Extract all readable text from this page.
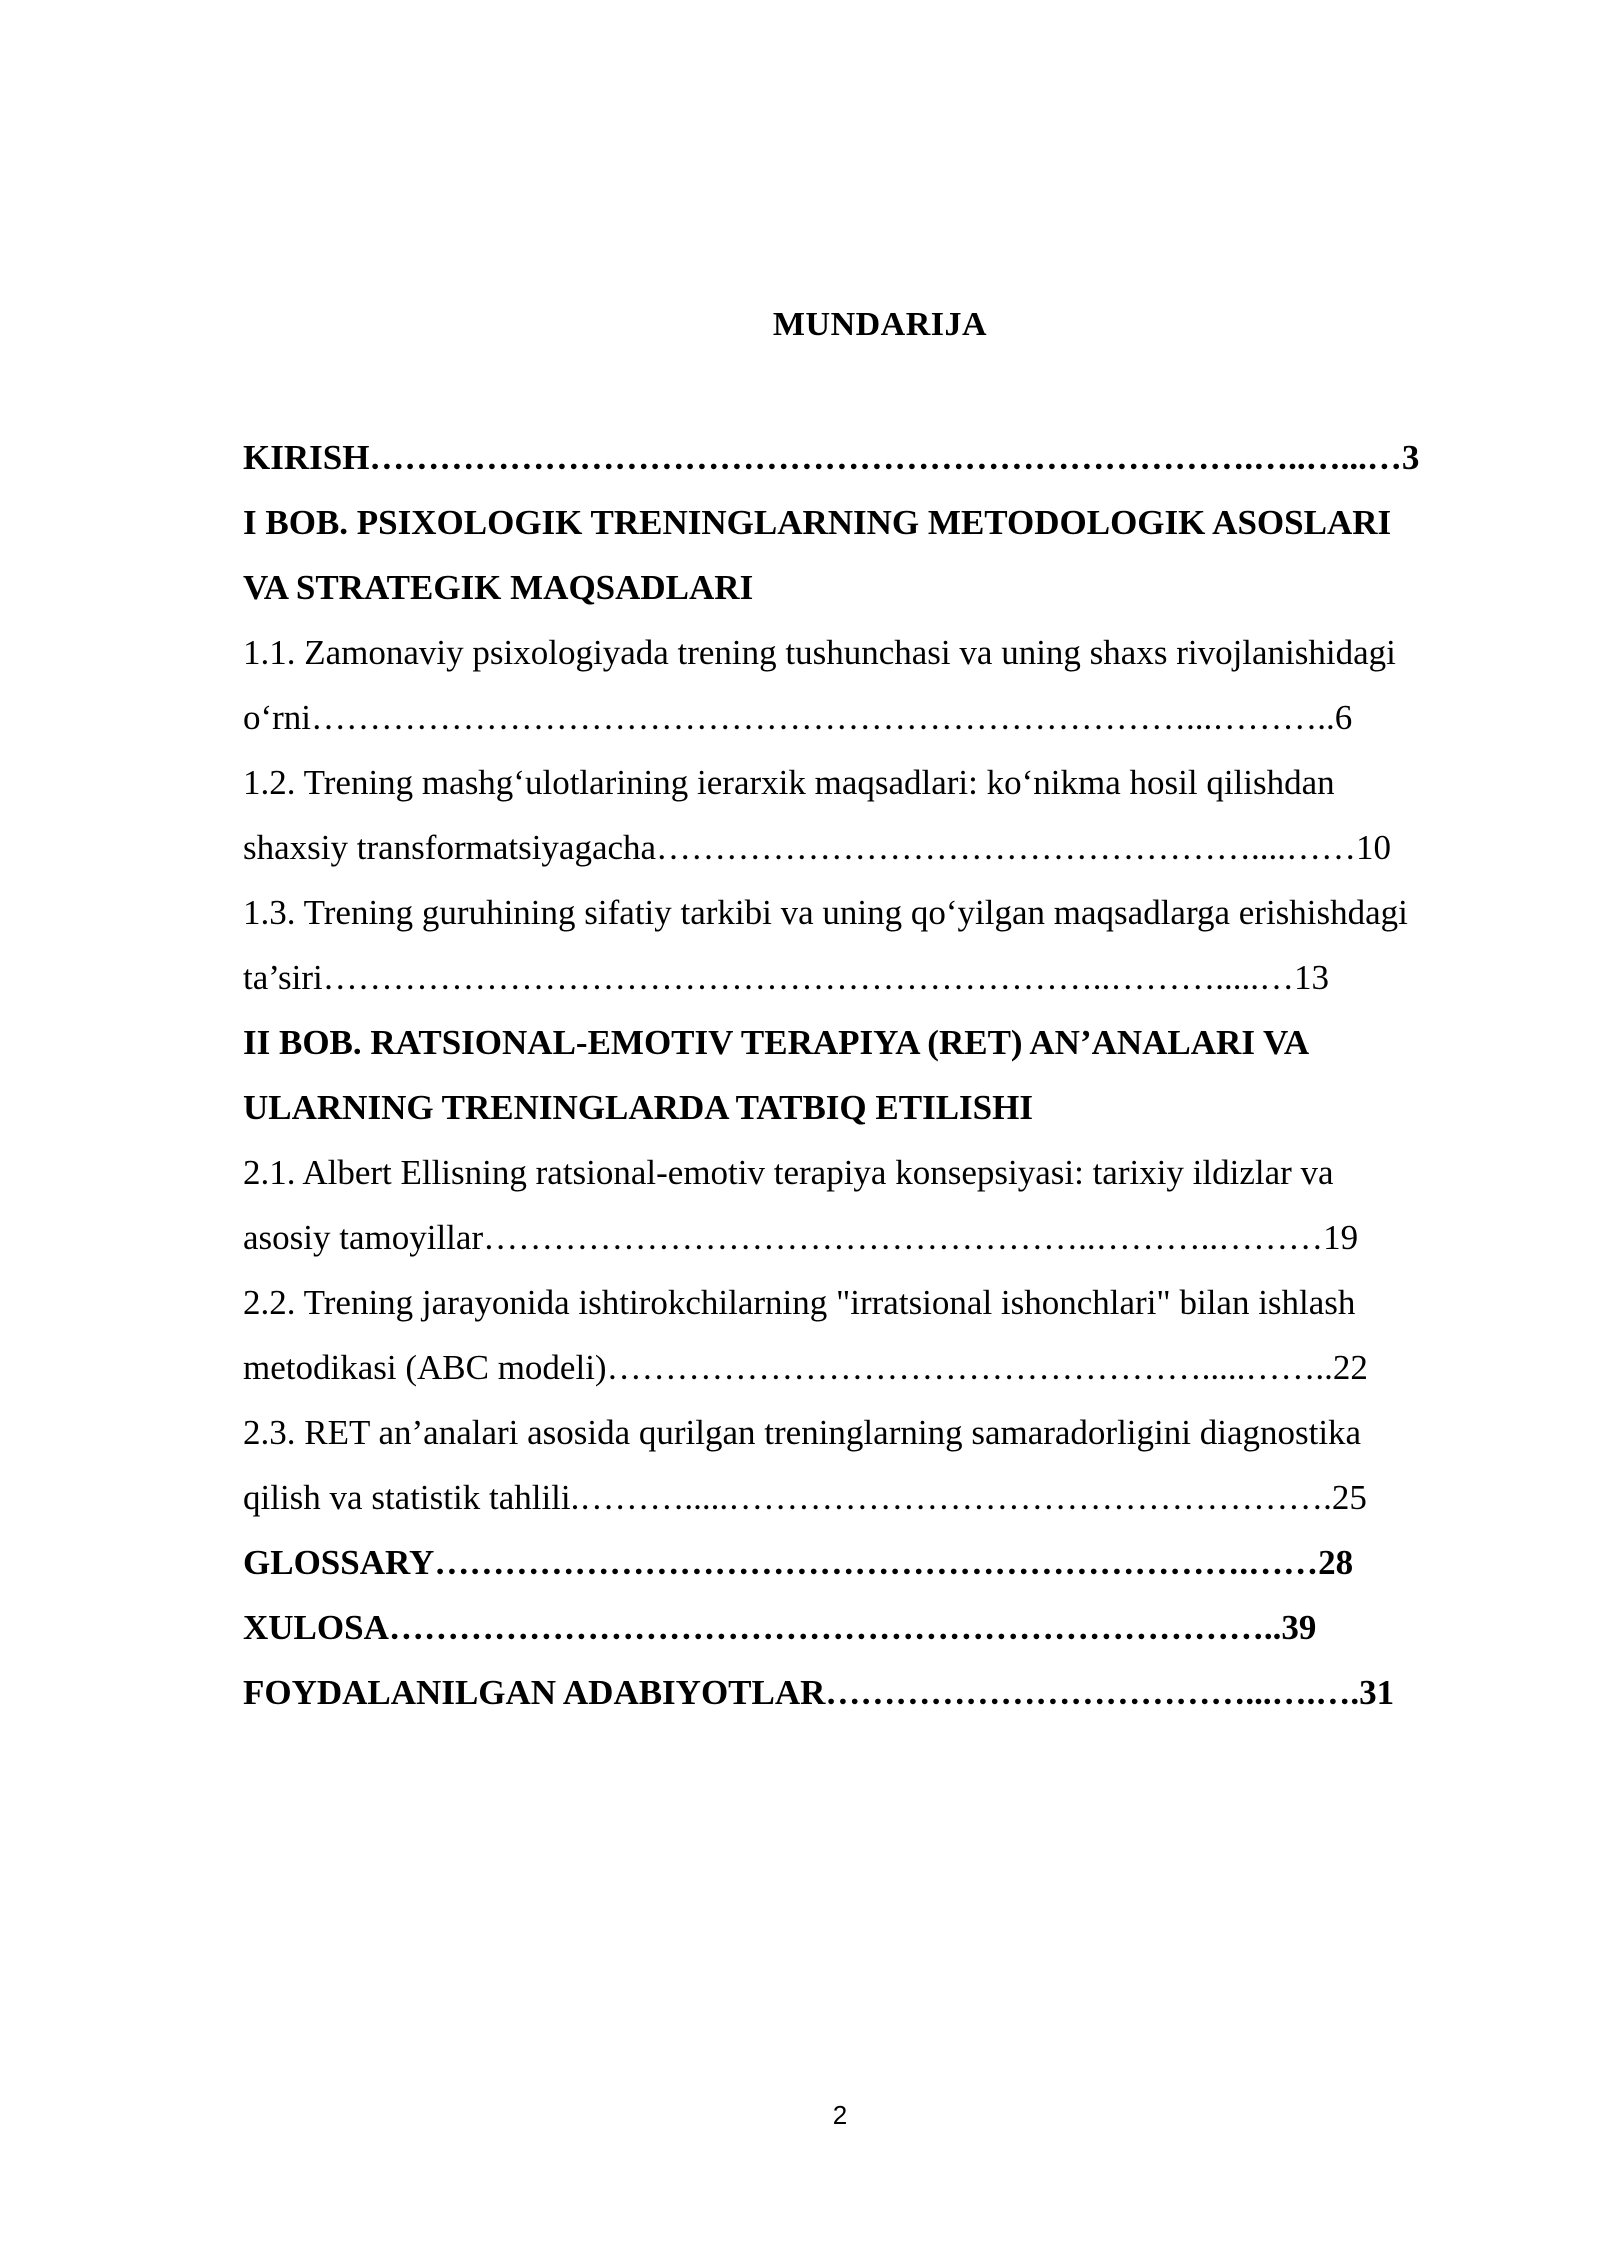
MUNDARIJA
KIRISH………………………………………………………………….…..…...…3
I BOB. PSIXOLOGIK TRENINGLARNING METODOLOGIK ASOSLARI
VA STRATEGIK MAQSADLARI
1.1. Zamonaviy psixologiyada trening tushunchasi va uning shaxs rivojlanishidagi
o‘rni…………………………………………………………………...………..6
1.2. Trening mashg‘ulotlarining ierarxik maqsadlari: ko‘nikma hosil qilishdan
shaxsiy transformatsiyagacha……………………………………………....……10
1.3. Trening guruhining sifatiy tarkibi va uning qo‘yilgan maqsadlarga erishishdagi
ta’siri…………………………………………………………..……….....…13
II BOB. RATSIONAL-EMOTIV TERAPIYA (RET) AN’ANALARI VA
ULARNING TRENINGLARDA TATBIQ ETILISHI
2.1. Albert Ellisning ratsional-emotiv terapiya konsepsiyasi: tarixiy ildizlar va
asosiy tamoyillar……………………………………………..………..………19
2.2. Trening jarayonida ishtirokchilarning "irratsional ishonchlari" bilan ishlash
metodikasi (ABC modeli)…………………………………………….....……..22
2.3. RET an’analari asosida qurilgan treninglarning samaradorligini diagnostika
qilish va statistik tahlili.……….....…………………………………………….25
GLOSSARY…………………………………………………………….……28
XULOSA…………………………………………………………………..39
FOYDALANILGAN ADABIYOTLAR………………………………...….….31
2
